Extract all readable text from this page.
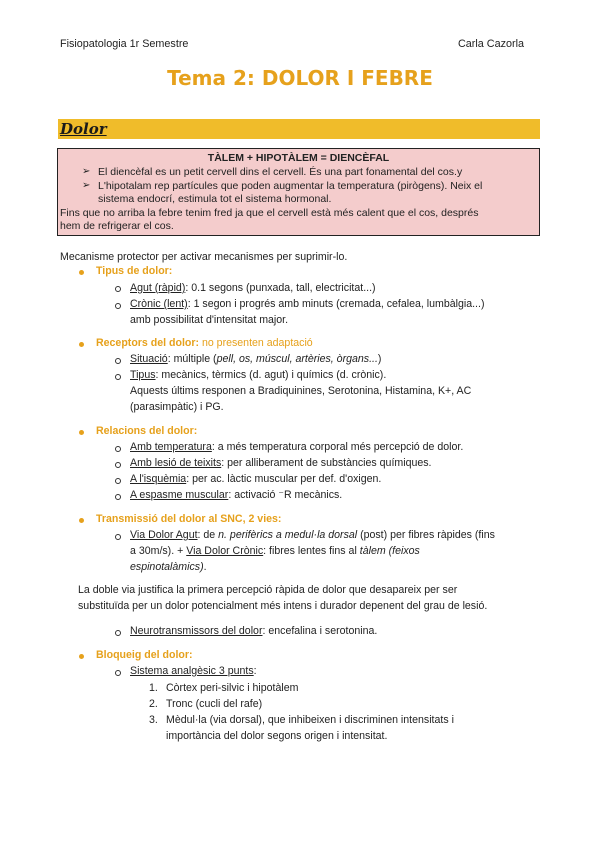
Fisiopatologia 1r Semestre	Carla Cazorla
Tema 2: DOLOR I FEBRE
Dolor
TÀLEM + HIPOTÀLEM = DIENCÈFAL
➢ El diencèfal es un petit cervell dins el cervell. És una part fonamental del cos.y
➢ L'hipotalam rep partícules que poden augmentar la temperatura (pirògens). Neix el
sistema endocrí, estimula tot el sistema hormonal.
Fins que no arriba la febre tenim fred ja que el cervell està més calent que el cos, després
hem de refrigerar el cos.
Mecanisme protector per activar mecanismes per suprimir-lo.
Tipus de dolor:
Agut (ràpid): 0.1 segons (punxada, tall, electricitat...)
Crònic (lent): 1 segon i progrés amb minuts (cremada, cefalea, lumbàlgia...)
amb possibilitat d'intensitat major.
Receptors del dolor: no presenten adaptació
Situació: múltiple (pell, os, múscul, artèries, òrgans...)
Tipus: mecànics, tèrmics (d. agut) i químics (d. crònic).
Aquests últims responen a Bradiquinines, Serotonina, Histamina, K+, AC
(parasimpàtic) i PG.
Relacions del dolor:
Amb temperatura: a més temperatura corporal més percepció de dolor.
Amb lesió de teixits: per alliberament de substàncies químiques.
A l'isquèmia: per ac. làctic muscular per def. d'oxigen.
A espasme muscular: activació ⁻R mecànics.
Transmissió del dolor al SNC, 2 vies:
Via Dolor Agut: de n. perifèrics a medul·la dorsal (post) per fibres ràpides (fins
a 30m/s). + Via Dolor Crònic: fibres lentes fins al tàlem (feixos
espinotalàmics).
La doble via justifica la primera percepció ràpida de dolor que desapareix per ser
substituïda per un dolor potencialment més intens i durador depenent del grau de lesió.
Neurotransmissors del dolor: encefalina i serotonina.
Bloqueig del dolor:
Sistema analgèsic 3 punts:
1. Còrtex peri-silvic i hipotàlem
2. Tronc (cucli del rafe)
3. Mèdul·la (via dorsal), que inhibeixen i discriminen intensitats i
importància del dolor segons origen i intensitat.
